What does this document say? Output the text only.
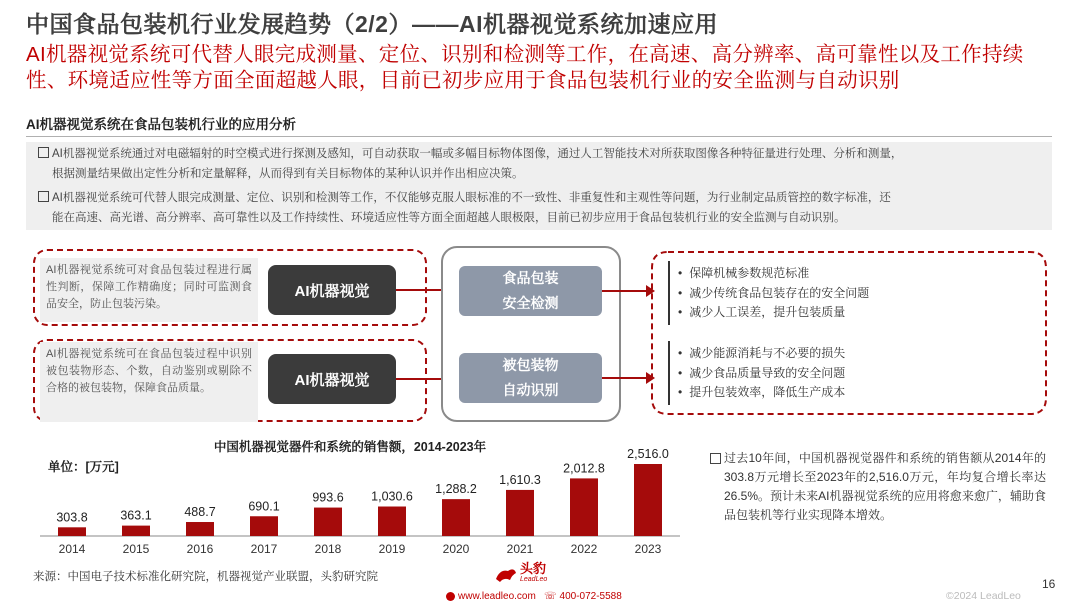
中国食品包装机行业发展趋势（2/2）——AI机器视觉系统加速应用
AI机器视觉系统可代替人眼完成测量、定位、识别和检测等工作，在高速、高分辨率、高可靠性以及工作持续性、环境适应性等方面全面超越人眼，目前已初步应用于食品包装机行业的安全监测与自动识别
AI机器视觉系统在食品包装机行业的应用分析
AI机器视觉系统通过对电磁辐射的时空模式进行探测及感知，可自动获取一幅或多幅目标物体图像，通过人工智能技术对所获取图像各种特征量进行处理、分析和测量，
根据测量结果做出定性分析和定量解释，从而得到有关目标物体的某种认识并作出相应决策。
AI机器视觉系统可代替人眼完成测量、定位、识别和检测等工作，不仅能够克服人眼标准的不一致性、非重复性和主观性等问题，为行业制定品质管控的数字标准，还
能在高速、高光谱、高分辨率、高可靠性以及工作持续性、环境适应性等方面全面超越人眼极限，目前已初步应用于食品包装机行业的安全监测与自动识别。
AI机器视觉系统可对食品包装过程进行属性判断，保障工作精确度；同时可监测食品安全，防止包装污染。
AI机器视觉系统可在食品包装过程中识别被包装物形态、个数，自动鉴别或剔除不合格的被包装物，保障食品质量。
AI机器视觉
AI机器视觉
食品包装
安全检测
被包装物
自动识别
• 保障机械参数规范标准
• 减少传统食品包装存在的安全问题
• 减少人工误差，提升包装质量
• 减少能源消耗与不必要的损失
• 减少食品质量导致的安全问题
• 提升包装效率，降低生产成本
中国机器视觉器件和系统的销售额，2014-2023年
单位：[万元]
303.8
2014
363.1
2015
488.7
2016
690.1
2017
993.6
2018
1,030.6
2019
1,288.2
2020
1,610.3
2021
2,012.8
2022
2,516.0
2023
过去10年间，中国机器视觉器件和系统的销售额从2014年的303.8万元增长至2023年的2,516.0万元，年均复合增长率达26.5%。预计未来AI机器视觉系统的应用将愈来愈广，辅助食品包装机等行业实现降本增效。
来源：中国电子技术标准化研究院，机器视觉产业联盟，头豹研究院
头豹
LeadLeo
www.leadleo.com ☏ 400-072-5588
16
©2024 LeadLeo
